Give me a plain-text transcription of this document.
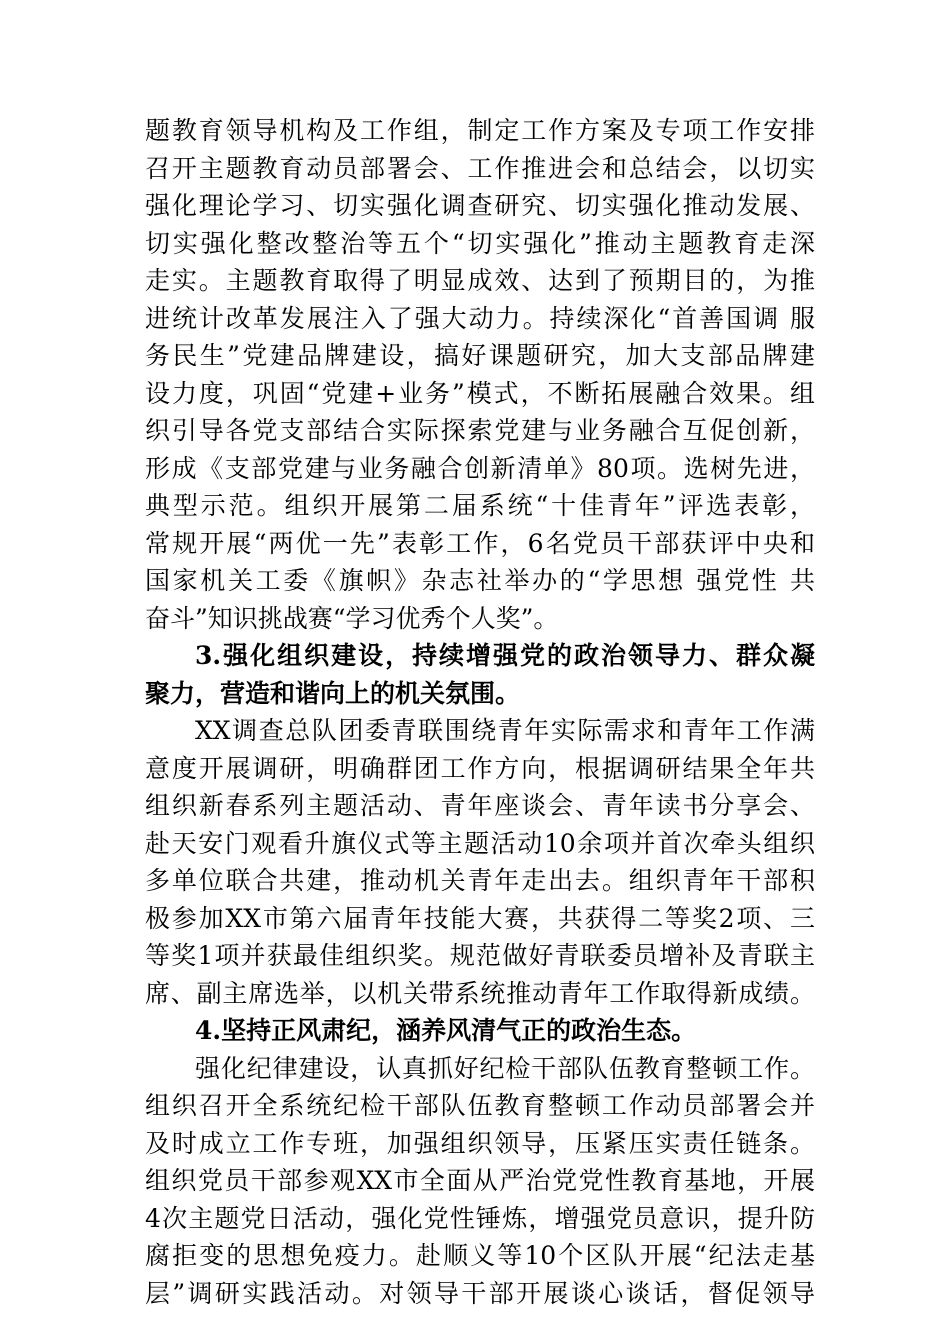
题教育领导机构及工作组，制定工作方案及专项工作安排
召开主题教育动员部署会、工作推进会和总结会，以切实
强化理论学习、切实强化调查研究、切实强化推动发展、
切实强化整改整治等五个“切实强化”推动主题教育走深
走实。主题教育取得了明显成效、达到了预期目的，为推
进统计改革发展注入了强大动力。持续深化“首善国调 服
务民生”党建品牌建设，搞好课题研究，加大支部品牌建
设力度，巩固“党建+业务”模式，不断拓展融合效果。组
织引导各党支部结合实际探索党建与业务融合互促创新，
形成《支部党建与业务融合创新清单》80项。选树先进，
典型示范。组织开展第二届系统“十佳青年”评选表彰，
常规开展“两优一先”表彰工作，6名党员干部获评中央和
国家机关工委《旗帜》杂志社举办的“学思想 强党性 共
奋斗”知识挑战赛“学习优秀个人奖”。
3.强化组织建设，持续增强党的政治领导力、群众凝
聚力，营造和谐向上的机关氛围。
XX调查总队团委青联围绕青年实际需求和青年工作满
意度开展调研，明确群团工作方向，根据调研结果全年共
组织新春系列主题活动、青年座谈会、青年读书分享会、
赴天安门观看升旗仪式等主题活动10余项并首次牵头组织
多单位联合共建，推动机关青年走出去。组织青年干部积
极参加XX市第六届青年技能大赛，共获得二等奖2项、三
等奖1项并获最佳组织奖。规范做好青联委员增补及青联主
席、副主席选举，以机关带系统推动青年工作取得新成绩。
4.坚持正风肃纪，涵养风清气正的政治生态。
强化纪律建设，认真抓好纪检干部队伍教育整顿工作。
组织召开全系统纪检干部队伍教育整顿工作动员部署会并
及时成立工作专班，加强组织领导，压紧压实责任链条。
组织党员干部参观XX市全面从严治党党性教育基地，开展
4次主题党日活动，强化党性锤炼，增强党员意识，提升防
腐拒变的思想免疫力。赴顺义等10个区队开展“纪法走基
层”调研实践活动。对领导干部开展谈心谈话，督促领导
